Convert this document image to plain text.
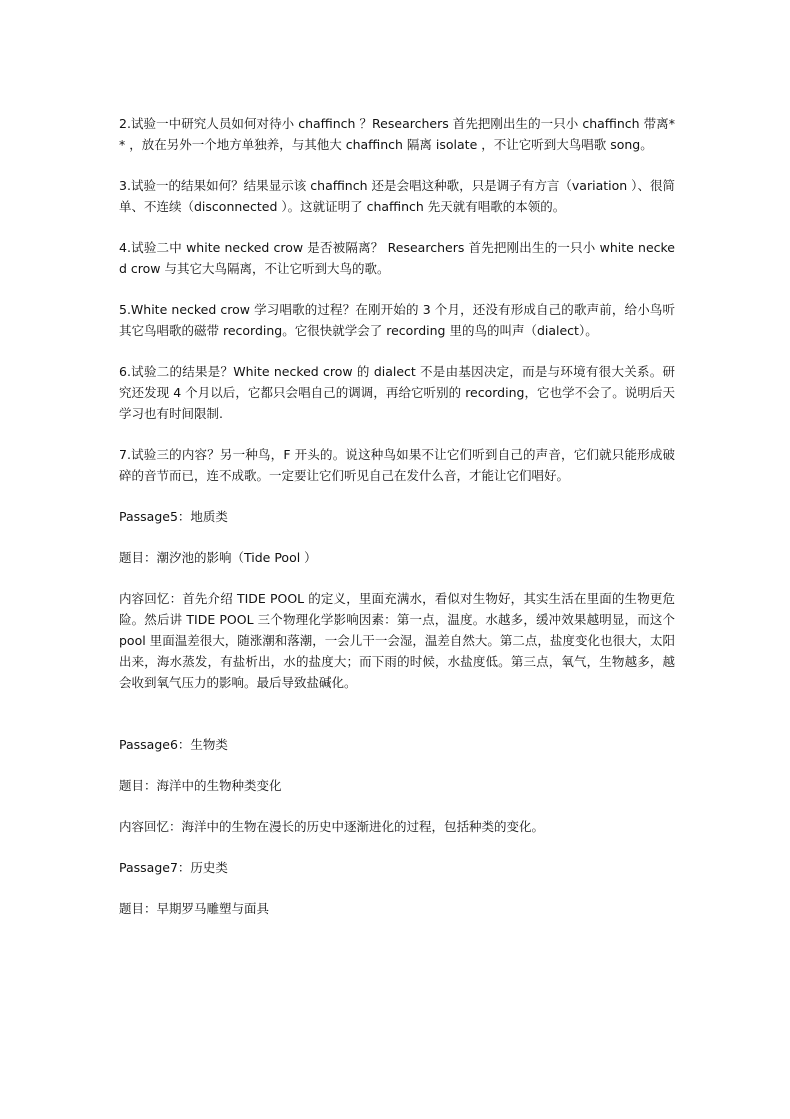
2.试验一中研究人员如何对待小 chaffinch ？Researchers 首先把刚出生的一只小 chaffinch 带离** ，放在另外一个地方单独养，与其他大 chaffinch 隔离 isolate ，不让它听到大鸟唱歌 song。

3.试验一的结果如何？结果显示该 chaffinch 还是会唱这种歌，只是调子有方言（variation ）、很简单、不连续（disconnected ）。这就证明了 chaffinch 先天就有唱歌的本领的。

4.试验二中 white necked crow 是否被隔离？ Researchers 首先把刚出生的一只小 white necked crow 与其它大鸟隔离，不让它听到大鸟的歌。

5.White necked crow 学习唱歌的过程？在刚开始的 3 个月，还没有形成自己的歌声前，给小鸟听其它鸟唱歌的磁带 recording。它很快就学会了 recording 里的鸟的叫声（dialect）。

6.试验二的结果是？White necked crow 的 dialect 不是由基因决定，而是与环境有很大关系。研究还发现 4 个月以后，它都只会唱自己的调调，再给它听别的 recording，它也学不会了。说明后天学习也有时间限制.

7.试验三的内容？另一种鸟，F 开头的。说这种鸟如果不让它们听到自己的声音，它们就只能形成破碎的音节而已，连不成歌。一定要让它们听见自己在发什么音，才能让它们唱好。

Passage5：地质类

题目：潮汐池的影响（Tide Pool ）

内容回忆：首先介绍 TIDE POOL 的定义，里面充满水，看似对生物好，其实生活在里面的生物更危险。然后讲 TIDE POOL 三个物理化学影响因素：第一点，温度。水越多，缓冲效果越明显，而这个 pool 里面温差很大，随涨潮和落潮，一会儿干一会湿，温差自然大。第二点，盐度变化也很大，太阳出来，海水蒸发，有盐析出，水的盐度大；而下雨的时候，水盐度低。第三点，氧气，生物越多，越会收到氧气压力的影响。最后导致盐碱化。

Passage6：生物类

题目：海洋中的生物种类变化

内容回忆：海洋中的生物在漫长的历史中逐渐进化的过程，包括种类的变化。

Passage7：历史类

题目：早期罗马雕塑与面具
